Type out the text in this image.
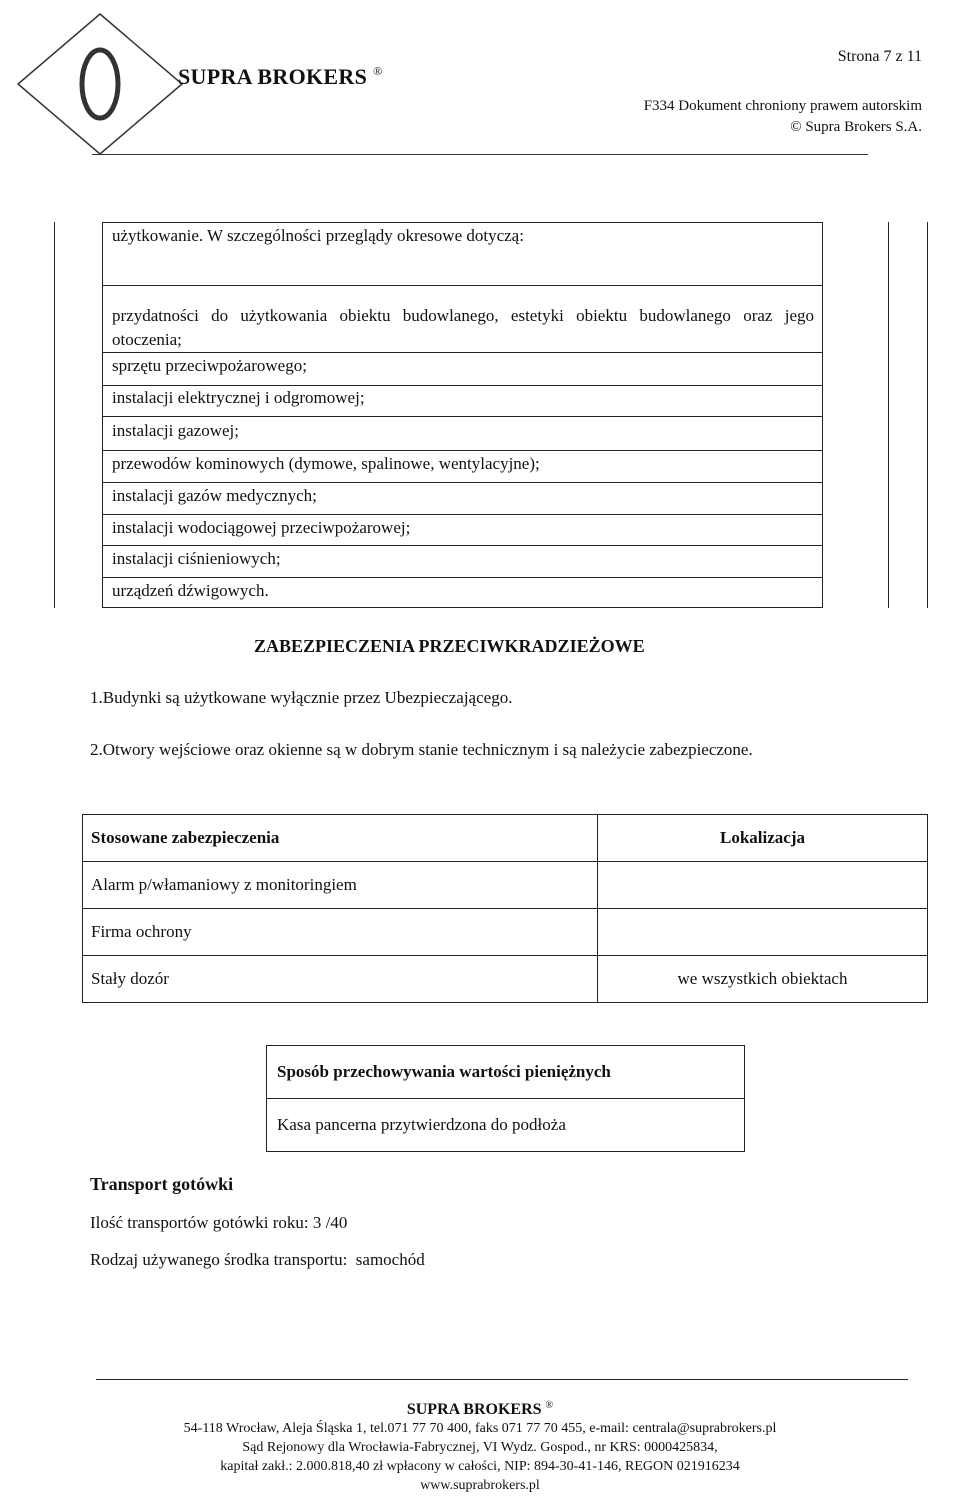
SUPRA BROKERS ®
Strona 7 z 11
F334 Dokument chroniony prawem autorskim
© Supra Brokers S.A.
użytkowanie. W szczególności przeglądy okresowe dotyczą:
przydatności do użytkowania obiektu budowlanego, estetyki obiektu budowlanego oraz jego otoczenia;
sprzętu przeciwpożarowego;
instalacji elektrycznej i odgromowej;
instalacji gazowej;
przewodów kominowych (dymowe, spalinowe, wentylacyjne);
instalacji gazów medycznych;
instalacji wodociągowej przeciwpożarowej;
instalacji ciśnieniowych;
urządzeń dźwigowych.
ZABEZPIECZENIA PRZECIWKRADZIEŻOWE
1.Budynki są użytkowane wyłącznie przez Ubezpieczającego.
2.Otwory wejściowe oraz okienne są w dobrym stanie technicznym i są należycie zabezpieczone.
Stosowane zabezpieczenia	Lokalizacja
Alarm p/włamaniowy z monitoringiem	
Firma ochrony	
Stały dozór	we wszystkich obiektach
Sposób przechowywania wartości pieniężnych
Kasa pancerna przytwierdzona do podłoża
Transport gotówki
Ilość transportów gotówki roku: 3 /40
Rodzaj używanego środka transportu:  samochód
SUPRA BROKERS ®
54-118 Wrocław, Aleja Śląska 1, tel.071 77 70 400, faks 071 77 70 455, e-mail: centrala@suprabrokers.pl
Sąd Rejonowy dla Wrocławia-Fabrycznej, VI Wydz. Gospod., nr KRS: 0000425834,
kapitał zakł.: 2.000.818,40 zł wpłacony w całości, NIP: 894-30-41-146, REGON 021916234
www.suprabrokers.pl
